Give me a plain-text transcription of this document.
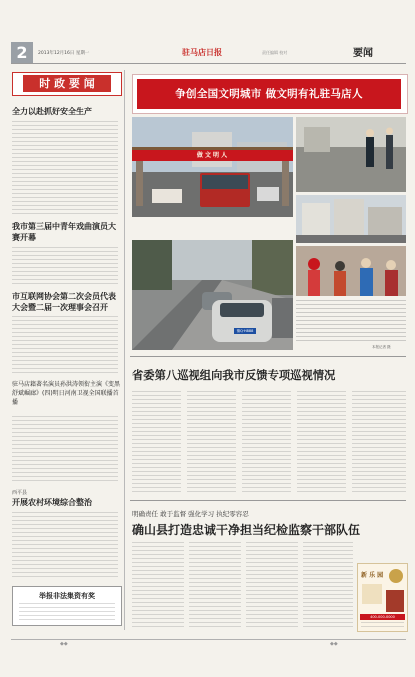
2	2013年12月16日 星期一	驻马店日报	责任编辑 校对	要闻
时 政 要 闻
全力以赴抓好安全生产
我市第三届中青年戏曲演员大赛开幕
市互联网协会第二次会员代表大会暨二届一次理事会召开
驻马店籍著名演员孙洪涛领衔主演《变黑舒斌崛廊》(四)明日河南卫视全国联播首播
西平县
开展农村环境综合整治
举报非法集资有奖
争创全国文明城市 做文明有礼驻马店人
做 文 明 人
豫Q·H888
本报记者 摄
省委第八巡视组向我市反馈专项巡视情况
明确责任 敢于监督 强化学习 执纪零容忍
确山县打造忠诚干净担当纪检监察干部队伍
新 乐 园
400-000-0000
◆◆	◆◆
